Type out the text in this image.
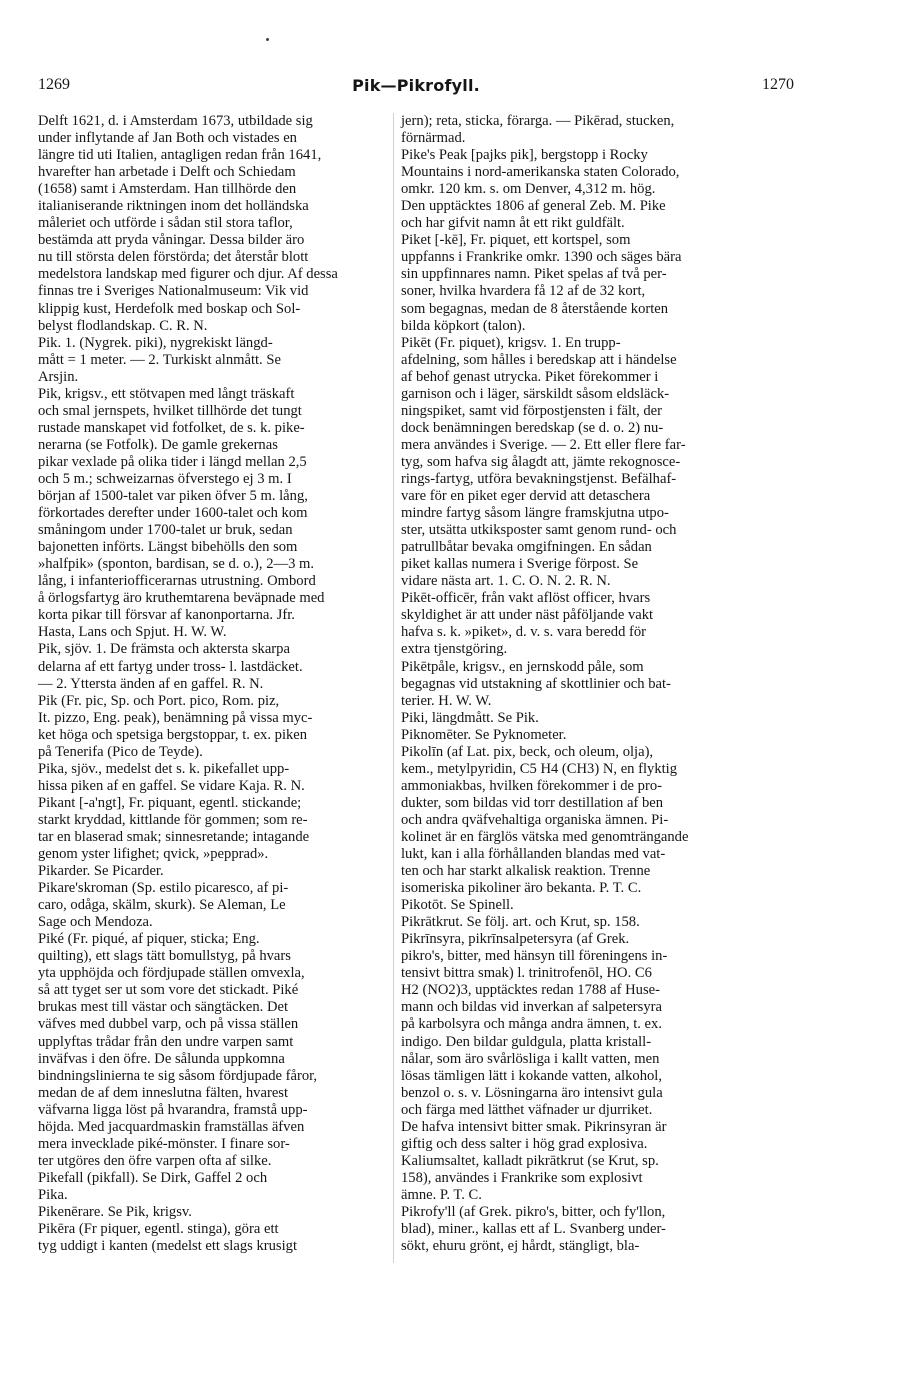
1269	Pik—Pikrofyll.	1270
Delft 1621, d. i Amsterdam 1673, utbildade sig
under inflytande af Jan Both och vistades en
längre tid uti Italien, antagligen redan från 1641,
hvarefter han arbetade i Delft och Schiedam
(1658) samt i Amsterdam. Han tillhörde den
italianiserande riktningen inom det holländska
måleriet och utförde i sådan stil stora taflor,
bestämda att pryda våningar. Dessa bilder äro
nu till största delen förstörda; det återstår blott
medelstora landskap med figurer och djur. Af dessa
finnas tre i Sveriges Nationalmuseum: Vik vid
klippig kust, Herdefolk med boskap och Sol-
belyst flodlandskap. C. R. N.
Pik. 1. (Nygrek. piki), nygrekiskt längd-
mått = 1 meter. — 2. Turkiskt alnmått. Se
Arsjin.
Pik, krigsv., ett stötvapen med långt träskaft
och smal jernspets, hvilket tillhörde det tungt
rustade manskapet vid fotfolket, de s. k. pike-
nerarna (se Fotfolk). De gamle grekernas
pikar vexlade på olika tider i längd mellan 2,5
och 5 m.; schweizarnas öfverstego ej 3 m. I
början af 1500-talet var piken öfver 5 m. lång,
förkortades derefter under 1600-talet och kom
småningom under 1700-talet ur bruk, sedan
bajonetten införts. Längst bibehölls den som
»halfpik» (sponton, bardisan, se d. o.), 2—3 m.
lång, i infanteriofficerarnas utrustning. Ombord
å örlogsfartyg äro kruthemtarena beväpnade med
korta pikar till försvar af kanonportarna. Jfr.
Hasta, Lans och Spjut. H. W. W.
Pik, sjöv. 1. De främsta och aktersta skarpa
delarna af ett fartyg under tross- l. lastdäcket.
— 2. Yttersta änden af en gaffel. R. N.
Pik (Fr. pic, Sp. och Port. pico, Rom. piz,
It. pizzo, Eng. peak), benämning på vissa myc-
ket höga och spetsiga bergstoppar, t. ex. piken
på Tenerifa (Pico de Teyde).
Pika, sjöv., medelst det s. k. pikefallet upp-
hissa piken af en gaffel. Se vidare Kaja. R. N.
Pikant [-a'ngt], Fr. piquant, egentl. stickande;
starkt kryddad, kittlande för gommen; som re-
tar en blaserad smak; sinnesretande; intagande
genom yster lifighet; qvick, »pepprad».
Pikarder. Se Picarder.
Pikare'skroman (Sp. estilo picaresco, af pi-
caro, odåga, skälm, skurk). Se Aleman, Le
Sage och Mendoza.
Piké (Fr. piqué, af piquer, sticka; Eng.
quilting), ett slags tätt bomullstyg, på hvars
yta upphöjda och fördjupade ställen omvexla,
så att tyget ser ut som vore det stickadt. Piké
brukas mest till västar och sängtäcken. Det
väfves med dubbel varp, och på vissa ställen
upplyftas trådar från den undre varpen samt
inväfvas i den öfre. De sålunda uppkomna
bindningslinierna te sig såsom fördjupade fåror,
medan de af dem inneslutna fälten, hvarest
väfvarna ligga löst på hvarandra, framstå upp-
höjda. Med jacquardmaskin framställas äfven
mera invecklade piké-mönster. I finare sor-
ter utgöres den öfre varpen ofta af silke.
Pikefall (pikfall). Se Dirk, Gaffel 2 och
Pika.
Pikenērare. Se Pik, krigsv.
Pikēra (Fr piquer, egentl. stinga), göra ett
tyg uddigt i kanten (medelst ett slags krusigt
jern); reta, sticka, förarga. — Pikērad, stucken,
förnärmad.
Pike's Peak [pajks pik], bergstopp i Rocky
Mountains i nord-amerikanska staten Colorado,
omkr. 120 km. s. om Denver, 4,312 m. hög.
Den upptäcktes 1806 af general Zeb. M. Pike
och har gifvit namn åt ett rikt guldfält.
Piket [-kē], Fr. piquet, ett kortspel, som
uppfanns i Frankrike omkr. 1390 och säges bära
sin uppfinnares namn. Piket spelas af två per-
soner, hvilka hvardera få 12 af de 32 kort,
som begagnas, medan de 8 återstående korten
bilda köpkort (talon).
Pikēt (Fr. piquet), krigsv. 1. En trupp-
afdelning, som hålles i beredskap att i händelse
af behof genast utrycka. Piket förekommer i
garnison och i läger, särskildt såsom eldsläck-
ningspiket, samt vid förpostjensten i fält, der
dock benämningen beredskap (se d. o. 2) nu-
mera användes i Sverige. — 2. Ett eller flere far-
tyg, som hafva sig ålagdt att, jämte rekognosce-
rings-fartyg, utföra bevakningstjenst. Befälhaf-
vare för en piket eger dervid att detaschera
mindre fartyg såsom längre framskjutna utpo-
ster, utsätta utkiksposter samt genom rund- och
patrullbåtar bevaka omgifningen. En sådan
piket kallas numera i Sverige förpost. Se
vidare nästa art. 1. C. O. N. 2. R. N.
Pikēt-officēr, från vakt aflöst officer, hvars
skyldighet är att under näst påföljande vakt
hafva s. k. »piket», d. v. s. vara beredd för
extra tjenstgöring.
Pikētpåle, krigsv., en jernskodd påle, som
begagnas vid utstakning af skottlinier och bat-
terier. H. W. W.
Piki, längdmått. Se Pik.
Piknomēter. Se Pyknometer.
Pikolīn (af Lat. pix, beck, och oleum, olja),
kem., metylpyridin, C5 H4 (CH3) N, en flyktig
ammoniakbas, hvilken förekommer i de pro-
dukter, som bildas vid torr destillation af ben
och andra qväfvehaltiga organiska ämnen. Pi-
kolinet är en färglös vätska med genomträngande
lukt, kan i alla förhållanden blandas med vat-
ten och har starkt alkalisk reaktion. Trenne
isomeriska pikoliner äro bekanta. P. T. C.
Pikotōt. Se Spinell.
Pikrātkrut. Se följ. art. och Krut, sp. 158.
Pikrīnsyra, pikrīnsalpetersyra (af Grek.
pikro's, bitter, med hänsyn till föreningens in-
tensivt bittra smak) l. trinitrofenōl, HO. C6
H2 (NO2)3, upptäcktes redan 1788 af Huse-
mann och bildas vid inverkan af salpetersyra
på karbolsyra och många andra ämnen, t. ex.
indigo. Den bildar guldgula, platta kristall-
nålar, som äro svårlösliga i kallt vatten, men
lösas tämligen lätt i kokande vatten, alkohol,
benzol o. s. v. Lösningarna äro intensivt gula
och färga med lätthet väfnader ur djurriket.
De hafva intensivt bitter smak. Pikrinsyran är
giftig och dess salter i hög grad explosiva.
Kaliumsaltet, kalladt pikrātkrut (se Krut, sp.
158), användes i Frankrike som explosivt
ämne. P. T. C.
Pikrofy'll (af Grek. pikro's, bitter, och fy'llon,
blad), miner., kallas ett af L. Svanberg under-
sökt, ehuru grönt, ej hårdt, stängligt, bla-
